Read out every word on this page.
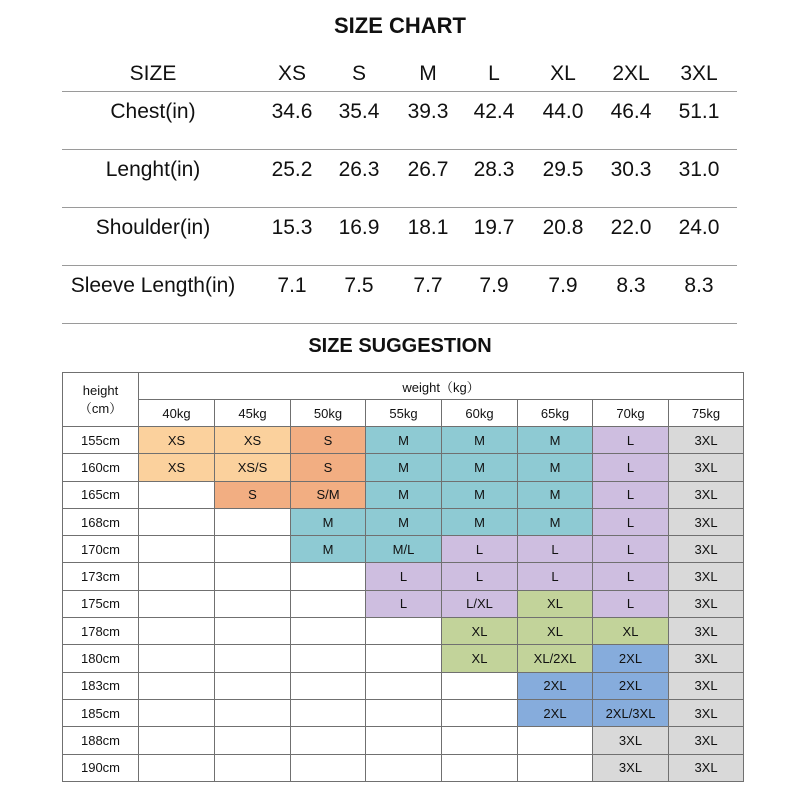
SIZE CHART
SIZE	XS	S	M	L	XL	2XL	3XL
Chest(in)	34.6	35.4	39.3	42.4	44.0	46.4	51.1
Lenght(in)	25.2	26.3	26.7	28.3	29.5	30.3	31.0
Shoulder(in)	15.3	16.9	18.1	19.7	20.8	22.0	24.0
Sleeve Length(in)	7.1	7.5	7.7	7.9	7.9	8.3	8.3
SIZE SUGGESTION
height
（cm）	weight（kg）							
	40kg	45kg	50kg	55kg	60kg	65kg	70kg	75kg
155cm	XS	XS	S	M	M	M	L	3XL
160cm	XS	XS/S	S	M	M	M	L	3XL
165cm		S	S/M	M	M	M	L	3XL
168cm			M	M	M	M	L	3XL
170cm			M	M/L	L	L	L	3XL
173cm				L	L	L	L	3XL
175cm				L	L/XL	XL	L	3XL
178cm					XL	XL	XL	3XL
180cm					XL	XL/2XL	2XL	3XL
183cm						2XL	2XL	3XL
185cm						2XL	2XL/3XL	3XL
188cm							3XL	3XL
190cm							3XL	3XL
